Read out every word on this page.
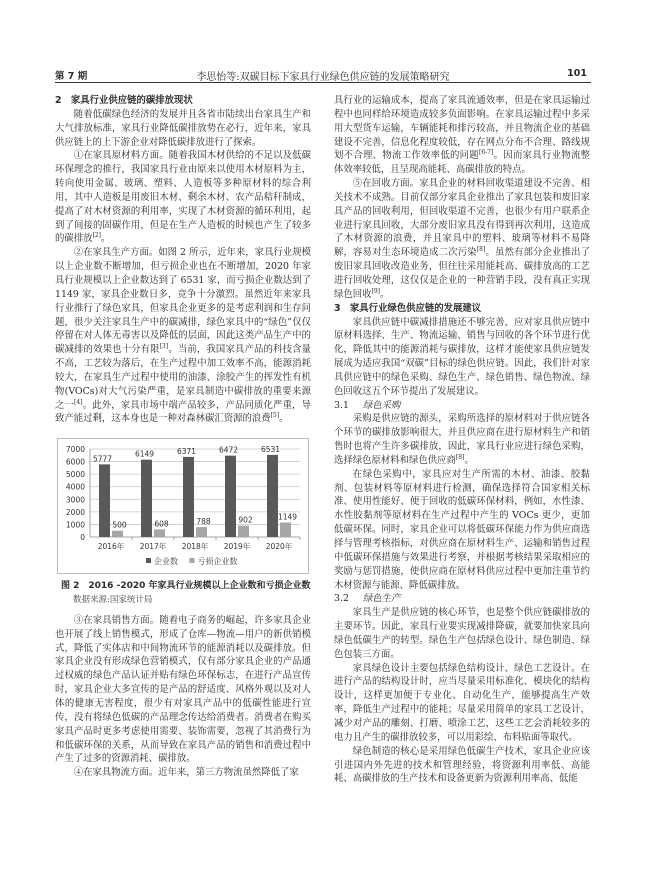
第 7 期	李思怡等:双碳目标下家具行业绿色供应链的发展策略研究	101
2　家具行业供应链的碳排放现状

随着低碳绿色经济的发展并且各省市陆续出台家具生产和大气排放标准，家具行业降低碳排放势在必行，近年来，家具供应链上的上下游企业对降低碳排放进行了探索。

①在家具原材料方面。随着我国木材供给的不足以及低碳环保理念的推行，我国家具行业由原来以使用木材原料为主，转向使用金属、玻璃、塑料、人造板等多种原材料的综合利用，其中人造板是用废旧木材、剩余木材、农产品秸秆制成，提高了对木材资源的利用率，实现了木材资源的循环利用，起到了间接的固碳作用，但是在生产人造板的时候也产生了较多的碳排放[2]。

②在家具生产方面。如图 2 所示，近年来，家具行业规模以上企业数不断增加，但亏损企业也在不断增加，2020 年家具行业规模以上企业数达到了 6531 家，而亏损企业数达到了 1149 家，家具企业数日多，竞争十分激烈。虽然近年来家具行业推行了绿色家具，但家具企业更多的是考虑利润和生存问题，很少关注家具生产中的碳减排，绿色家具中的“绿色”仅仅停留在对人体无毒害以及降低的层面，因此这类产品生产中的碳减排的效果也十分有限[3]。当前，我国家具产品的科技含量不高，工艺较为落后，在生产过程中加工效率不高，能源消耗较大，在家具生产过程中使用的油漆、涂胶产生的挥发性有机物(VOCs)对大气污染严重，是家具制造中碳排放的重要来源之一[4]。此外，家具市场中端产品较多，产品同质化严重，导致产能过剩，这本身也是一种对森林碳汇资源的浪费[5]。

0
1000
2000
3000
4000
5000
6000
7000
5777
500
2016年
6149
608
2017年
6371
788
2018年
6472
902
2019年
6531
1149
2020年
企业数 亏损企业数

图 2　2016 -2020 年家具行业规模以上企业数和亏损企业数

数据来源:国家统计局

③在家具销售方面。随着电子商务的崛起，许多家具企业也开展了线上销售模式，形成了仓库—物流—用户的新供销模式，降低了实体店和中间物流环节的能源消耗以及碳排放。但家具企业没有形成绿色营销模式，仅有部分家具企业的产品通过权威的绿色产品认证并贴有绿色环保标志，在进行产品宣传时，家具企业大多宣传的是产品的舒适度、风格外观以及对人体的健康无害程度，很少有对家具产品中的低碳性能进行宣传，没有将绿色低碳的产品理念传达给消费者。消费者在购买家具产品时更多考虑使用需要、装饰需要，忽视了其消费行为和低碳环保的关系，从而导致在家具产品的销售和消费过程中产生了过多的资源消耗、碳排放。

④在家具物流方面。近年来，第三方物流虽然降低了家

具行业的运输成本，提高了家具流通效率，但是在家具运输过程中也同样给环境造成较多负面影响。在家具运输过程中多采用大型货车运输，车辆能耗和排污较高，并且物流企业的基础建设不完善，信息化程度较低，存在网点分布不合理、路线规划不合理、物流工作效率低的问题[6-7]。因而家具行业物流整体效率较低，且呈现高能耗、高碳排放的特点。

⑤在回收方面。家具企业的材料回收渠道建设不完善、相关技术不成熟。目前仅部分家具企业推出了家具包装和废旧家具产品的回收利用，但回收渠道不完善，也很少有用户联系企业进行家具回收，大部分废旧家具没有得到再次利用，这造成了木材资源的浪费，并且家具中的塑料、玻璃等材料不易降解，容易对生态环境造成二次污染[8]。虽然有部分企业推出了废旧家具回收改造业务，但往往采用能耗高、碳排放高的工艺进行回收处理，这仅仅是企业的一种营销手段，没有真正实现绿色回收[9]。

3　家具行业绿色供应链的发展建议

家具供应链中碳减排措施还不够完善，应对家具供应链中原材料选择、生产、物流运输、销售与回收的各个环节进行优化，降低其中的能源消耗与碳排放，这样才能使家具供应链发展成为适应我国“双碳”目标的绿色供应链。因此，我们针对家具供应链中的绿色采购、绿色生产、绿色销售、绿色物流、绿色回收这五个环节提出了发展建议。

3.1 绿色采购

采购是供应链的源头，采购所选择的原材料对于供应链各个环节的碳排放影响很大，并且供应商在进行原材料生产和销售时也将产生许多碳排放，因此，家具行业应进行绿色采购，选择绿色原材料和绿色供应商[8]。

在绿色采购中，家具应对生产所需的木材、油漆、胶黏剂、包装材料等原材料进行检测，确保选择符合国家相关标准、使用性能好、便于回收的低碳环保材料，例如，水性漆、水性胶黏剂等原材料在生产过程中产生的 VOCs 更少，更加低碳环保。同时，家具企业可以将低碳环保能力作为供应商选择与管理考核指标，对供应商在原材料生产、运输和销售过程中低碳环保措施与效果进行考察，并根据考核结果采取相应的奖励与惩罚措施，使供应商在原材料供应过程中更加注重节约木材资源与能源、降低碳排放。

3.2 绿色生产

家具生产是供应链的核心环节，也是整个供应链碳排放的主要环节。因此，家具行业要实现减排降碳，就要加快家具向绿色低碳生产的转型。绿色生产包括绿色设计、绿色制造、绿色包装三方面。

家具绿色设计主要包括绿色结构设计、绿色工艺设计。在进行产品的结构设计时，应当尽量采用标准化、模块化的结构设计，这样更加便于专业化、自动化生产，能够提高生产效率，降低生产过程中的能耗；尽量采用简单的家具工艺设计，减少对产品的雕刻、打磨、喷涂工艺，这些工艺会消耗较多的电力且产生的碳排放较多，可以用彩绘、布料贴面等取代。

绿色制造的核心是采用绿色低碳生产技术，家具企业应该引进国内外先进的技术和管理经验，将资源利用率低、高能耗、高碳排放的生产技术和设备更新为资源利用率高、低能
